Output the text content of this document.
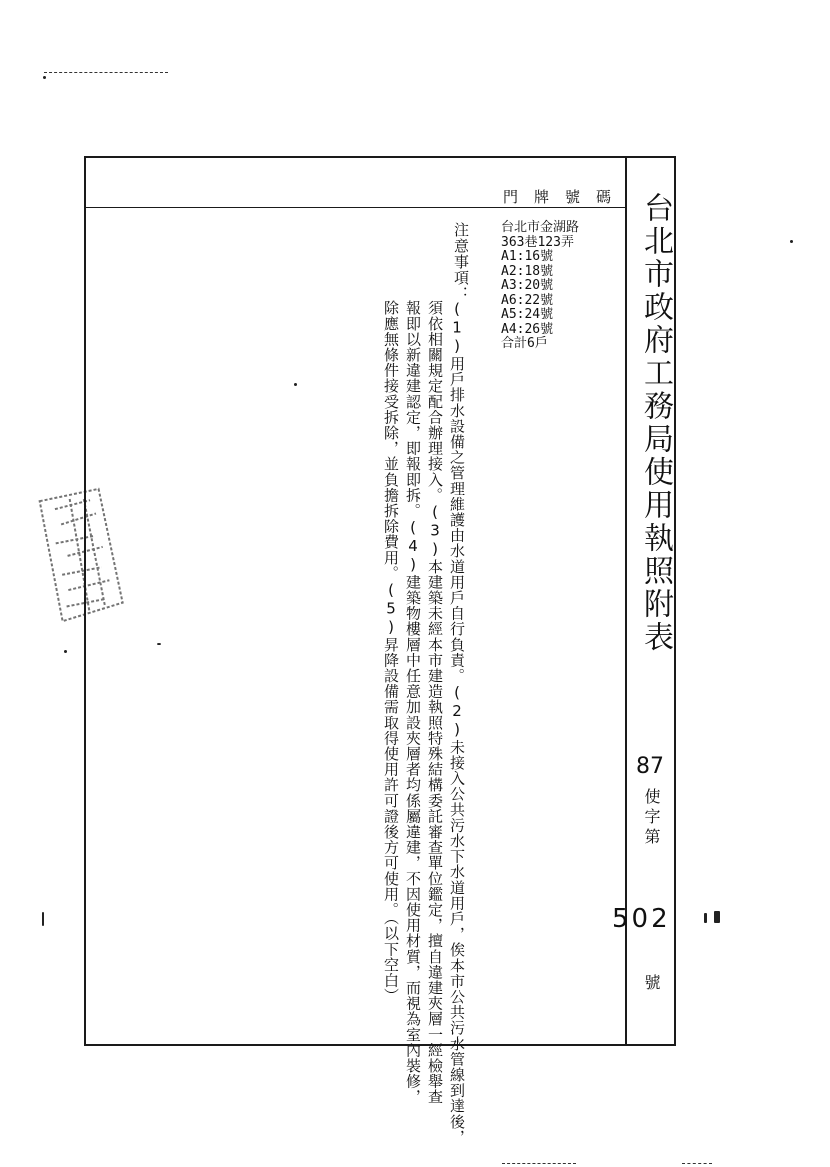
門牌號碼
台北市金湖路
363巷123弄
A1:16號
A2:18號
A3:20號
A6:22號
A5:24號
A4:26號
合計6戶	台北市政府工務局使用執照附表
87
使字第
502
號
注意事項：
(1)用戶排水設備之管理維護由水道用戶自行負責。(2)未接入公共污水下水道用戶，俟本市公共污水管線到達後，
須依相關規定配合辦理接入。(3)本建築未經本市建造執照特殊結構委託審查單位鑑定，擅自違建夾層一經檢舉查
報即以新違建認定，即報即拆。(4)建築物樓層中任意加設夾層者均係屬違建，不因使用材質，而視為室內裝修，
除應無條件接受拆除，並負擔拆除費用。(5)昇降設備需取得使用許可證後方可使用。（以下空白）
